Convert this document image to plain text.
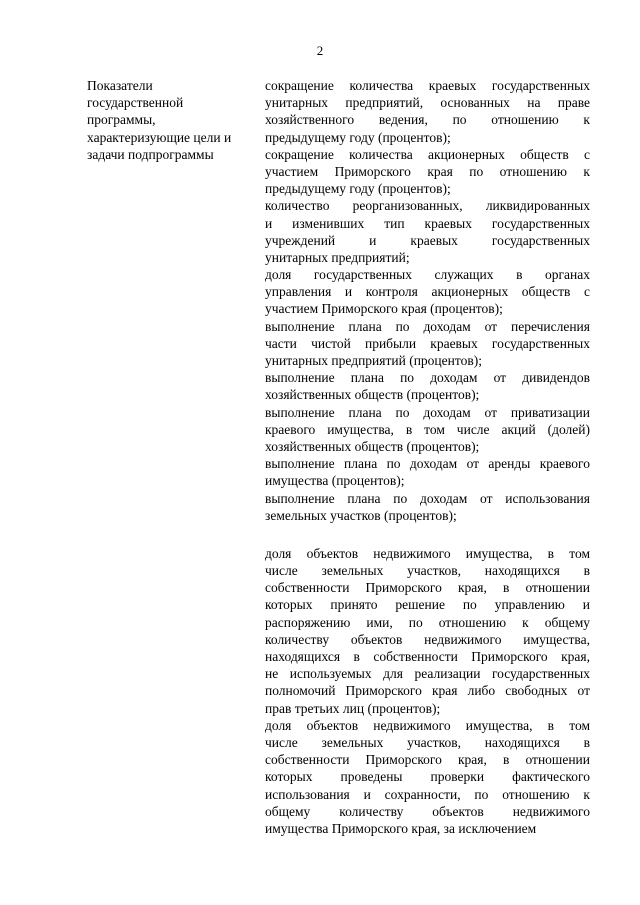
2
Показатели
государственной
программы,
характеризующие цели и
задачи подпрограммы
сокращение количества краевых государственных
унитарных предприятий, основанных на праве
хозяйственного ведения, по отношению к
предыдущему году (процентов);
сокращение количества акционерных обществ с
участием Приморского края по отношению к
предыдущему году (процентов);
количество реорганизованных, ликвидированных
и изменивших тип краевых государственных
учреждений и краевых государственных
унитарных предприятий;
доля государственных служащих в органах
управления и контроля акционерных обществ с
участием Приморского края (процентов);
выполнение плана по доходам от перечисления
части чистой прибыли краевых государственных
унитарных предприятий (процентов);
выполнение плана по доходам от дивидендов
хозяйственных обществ (процентов);
выполнение плана по доходам от приватизации
краевого имущества, в том числе акций (долей)
хозяйственных обществ (процентов);
выполнение плана по доходам от аренды краевого
имущества (процентов);
выполнение плана по доходам от использования
земельных участков (процентов);
доля объектов недвижимого имущества, в том
числе земельных участков, находящихся в
собственности Приморского края, в отношении
которых принято решение по управлению и
распоряжению ими, по отношению к общему
количеству объектов недвижимого имущества,
находящихся в собственности Приморского края,
не используемых для реализации государственных
полномочий Приморского края либо свободных от
прав третьих лиц (процентов);
доля объектов недвижимого имущества, в том
числе земельных участков, находящихся в
собственности Приморского края, в отношении
которых проведены проверки фактического
использования и сохранности, по отношению к
общему количеству объектов недвижимого
имущества Приморского края, за исключением
